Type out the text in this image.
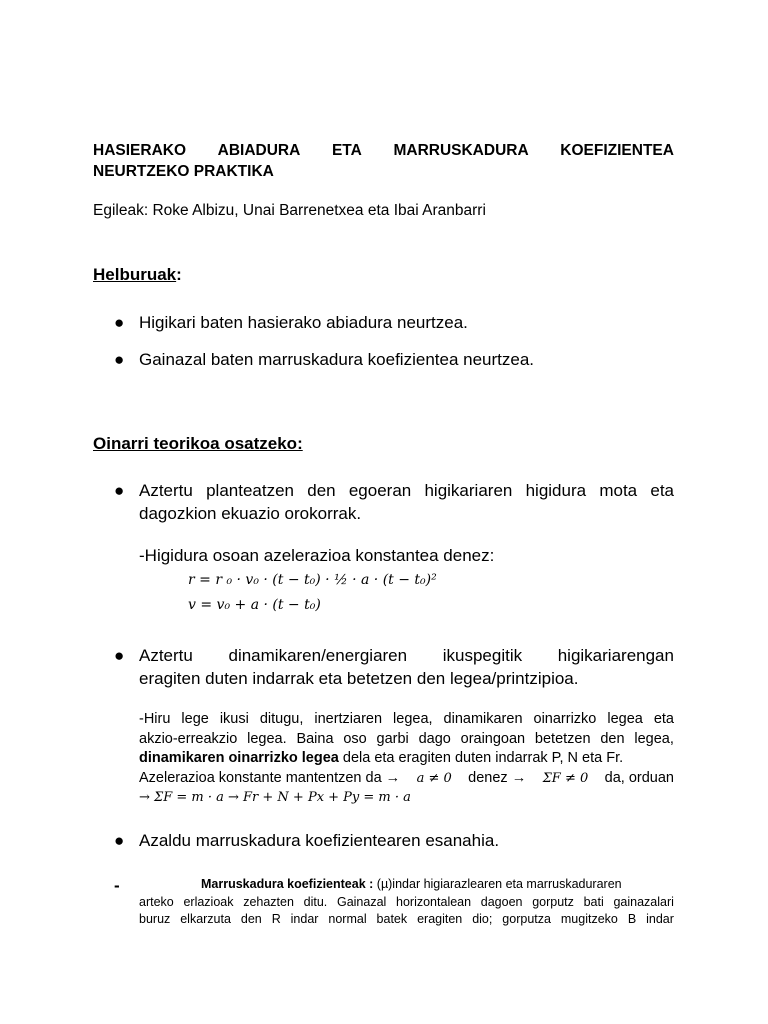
HASIERAKO ABIADURA ETA MARRUSKADURA KOEFIZIENTEA
NEURTZEKO PRAKTIKA
Egileak: Roke Albizu, Unai Barrenetxea eta Ibai Aranbarri
Helburuak:
● Higikari baten hasierako abiadura neurtzea.
● Gainazal baten marruskadura koefizientea neurtzea.
Oinarri teorikoa osatzeko:
● Aztertu planteatzen den egoeran higikariaren higidura mota eta
dagozkion ekuazio orokorrak.
-Higidura osoan azelerazioa konstantea denez:
r = r ₀ · v₀ · (t − t₀) · ½ · a · (t − t₀)²
v = v₀ + a · (t − t₀)
● Aztertu dinamikaren/energiaren ikuspegitik higikariarengan
eragiten duten indarrak eta betetzen den legea/printzipioa.
-Hiru lege ikusi ditugu, inertziaren legea, dinamikaren oinarrizko legea eta
akzio-erreakzio legea. Baina oso garbi dago oraingoan betetzen den legea,
dinamikaren oinarrizko legea
dela eta eragiten duten indarrak P, N eta Fr.
Azelerazioa konstante mantentzen da → a ≠ 0 denez → ΣF ≠ 0 da, orduan
→ ΣF = m · a → Fr + N + Px + Py = m · a
● Azaldu marruskadura koefizientearen esanahia.
-	Marruskadura koefizienteak : (µ)indar higiarazlearen eta marruskaduraren
arteko erlazioak zehazten ditu. Gainazal horizontalean dagoen gorputz bati gainazalari
buruz elkarzuta den R indar normal batek eragiten dio; gorputza mugitzeko B indar
